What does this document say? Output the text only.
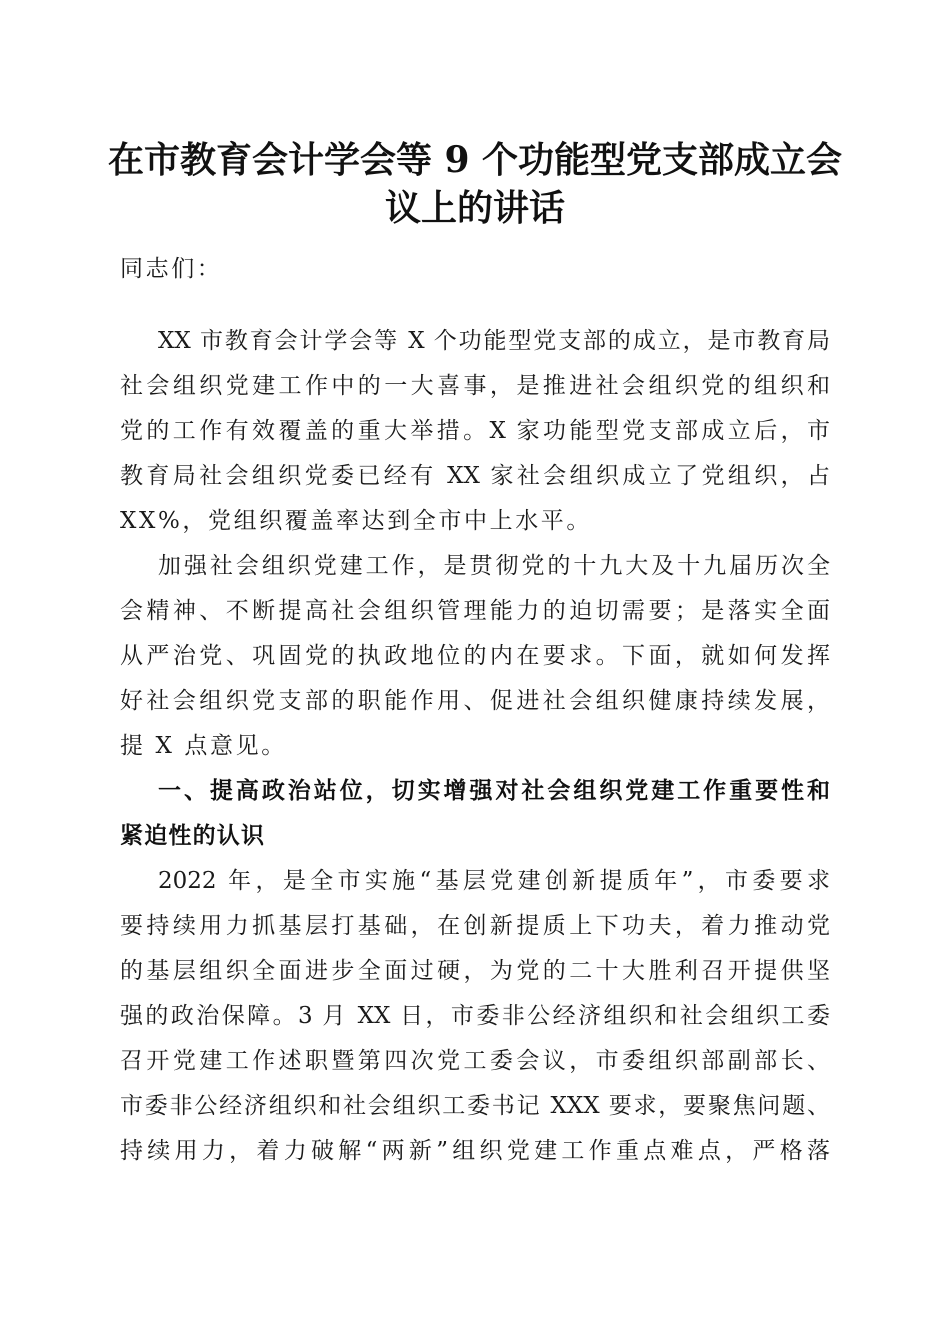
在市教育会计学会等 9 个功能型党支部成立会
议上的讲话
同志们：
XX 市教育会计学会等 X 个功能型党支部的成立，是市教育局
社会组织党建工作中的一大喜事，是推进社会组织党的组织和
党的工作有效覆盖的重大举措。X 家功能型党支部成立后，市
教育局社会组织党委已经有 XX 家社会组织成立了党组织，占
XX%，党组织覆盖率达到全市中上水平。
加强社会组织党建工作，是贯彻党的十九大及十九届历次全
会精神、不断提高社会组织管理能力的迫切需要；是落实全面
从严治党、巩固党的执政地位的内在要求。下面，就如何发挥
好社会组织党支部的职能作用、促进社会组织健康持续发展，
提 X 点意见。
一、提高政治站位，切实增强对社会组织党建工作重要性和
紧迫性的认识
2022 年，是全市实施“基层党建创新提质年”，市委要求
要持续用力抓基层打基础，在创新提质上下功夫，着力推动党
的基层组织全面进步全面过硬，为党的二十大胜利召开提供坚
强的政治保障。3 月 XX 日，市委非公经济组织和社会组织工委
召开党建工作述职暨第四次党工委会议，市委组织部副部长、
市委非公经济组织和社会组织工委书记 XXX 要求，要聚焦问题、
持续用力，着力破解“两新”组织党建工作重点难点，严格落
